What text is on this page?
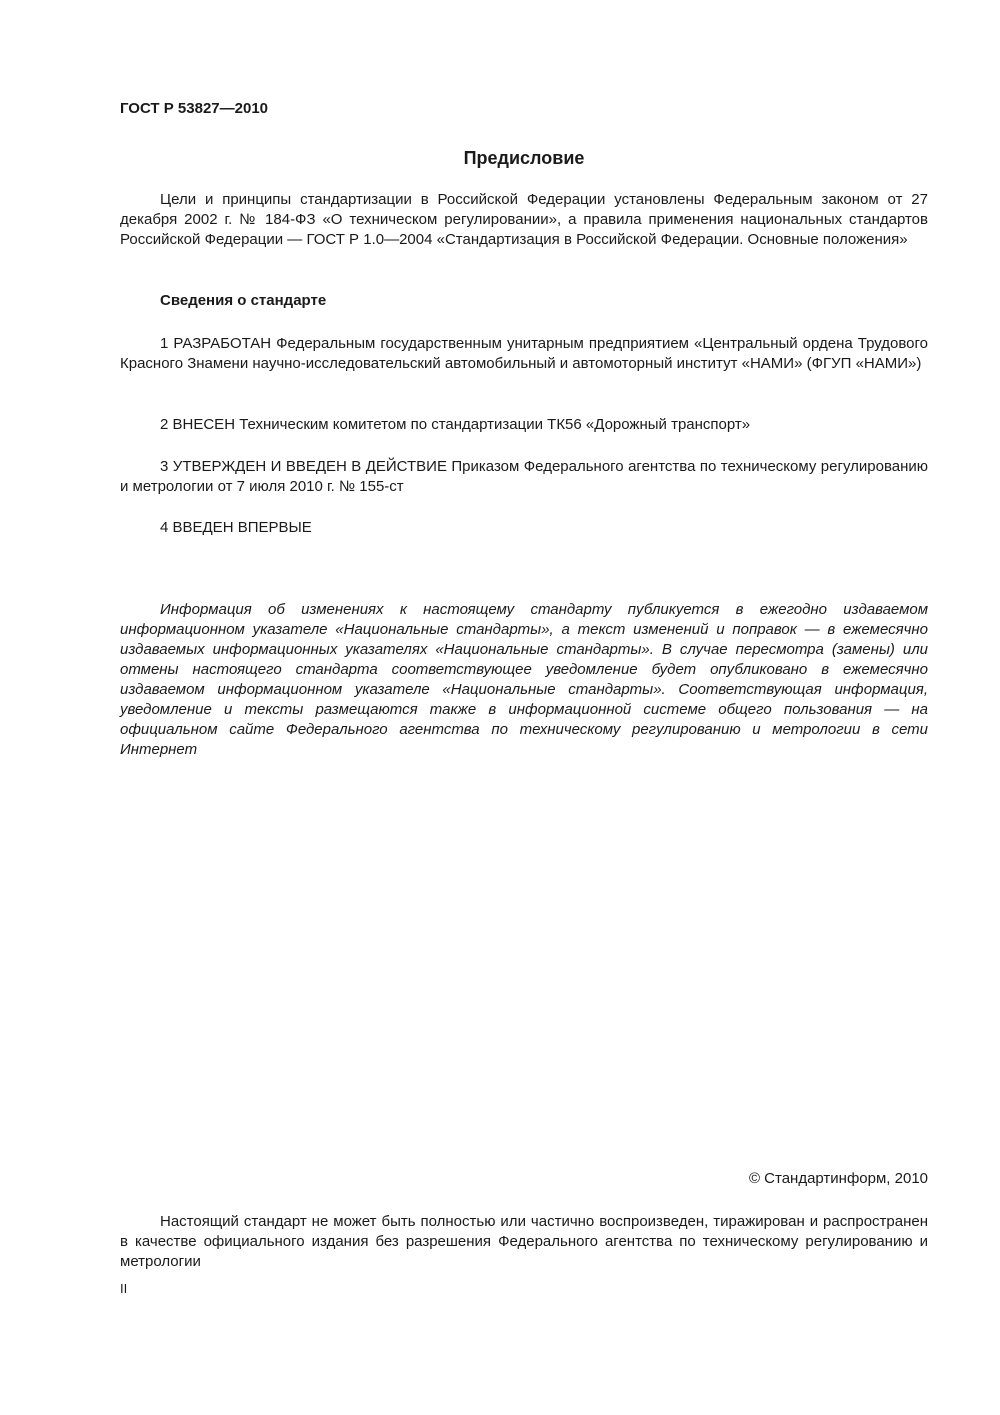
ГОСТ Р 53827—2010
Предисловие
Цели и принципы стандартизации в Российской Федерации установлены Федеральным законом от 27 декабря 2002 г. № 184-ФЗ «О техническом регулировании», а правила применения национальных стандартов Российской Федерации — ГОСТ Р 1.0—2004 «Стандартизация в Российской Федерации. Основные положения»
Сведения о стандарте
1 РАЗРАБОТАН Федеральным государственным унитарным предприятием «Центральный ордена Трудового Красного Знамени научно-исследовательский автомобильный и автомоторный институт «НАМИ» (ФГУП «НАМИ»)
2 ВНЕСЕН Техническим комитетом по стандартизации ТК56 «Дорожный транспорт»
3 УТВЕРЖДЕН И ВВЕДЕН В ДЕЙСТВИЕ Приказом Федерального агентства по техническому регулированию и метрологии от 7 июля 2010 г. № 155-ст
4 ВВЕДЕН ВПЕРВЫЕ
Информация об изменениях к настоящему стандарту публикуется в ежегодно издаваемом информационном указателе «Национальные стандарты», а текст изменений и поправок — в ежемесячно издаваемых информационных указателях «Национальные стандарты». В случае пересмотра (замены) или отмены настоящего стандарта соответствующее уведомление будет опубликовано в ежемесячно издаваемом информационном указателе «Национальные стандарты». Соответствующая информация, уведомление и тексты размещаются также в информационной системе общего пользования — на официальном сайте Федерального агентства по техническому регулированию и метрологии в сети Интернет
© Стандартинформ, 2010
Настоящий стандарт не может быть полностью или частично воспроизведен, тиражирован и распространен в качестве официального издания без разрешения Федерального агентства по техническому регулированию и метрологии
II
